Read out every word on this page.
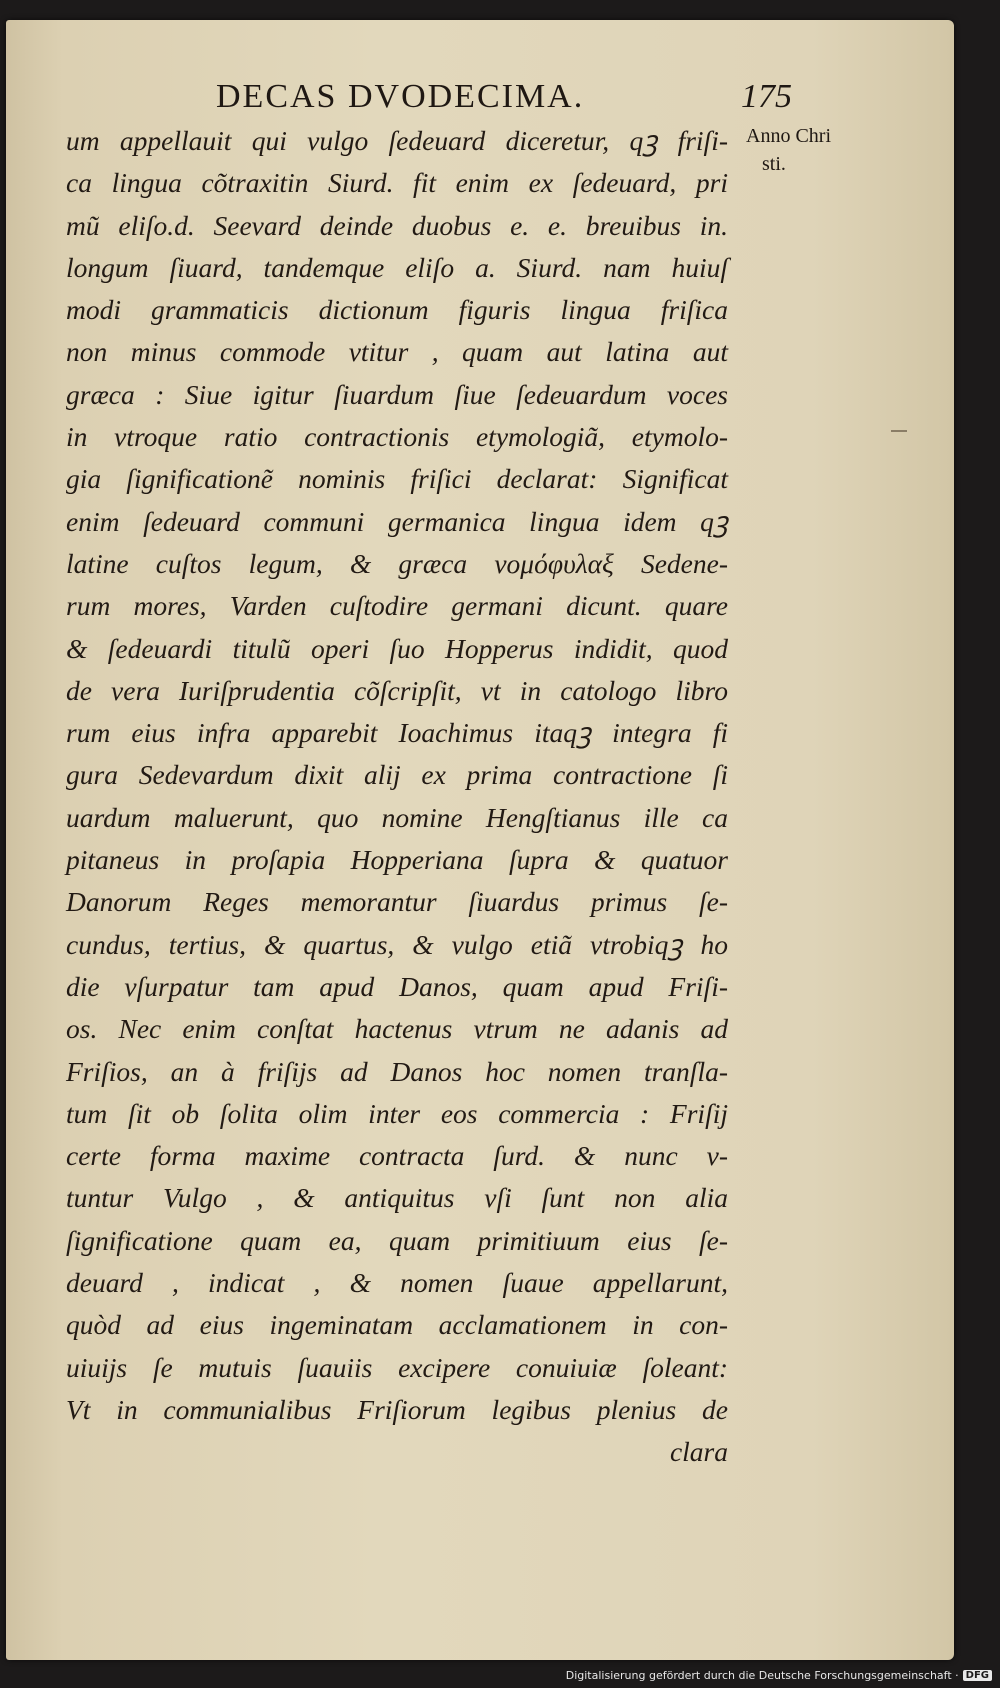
DECAS DVODECIMA.	175
Anno Chri
sti.
um appellauit qui vulgo ſedeuard diceretur, qꝫ friſi-
ca lingua cõtraxitin Siurd. fit enim ex ſedeuard, pri
mũ eliſo.d. Seevard deinde duobus e. e. breuibus in.
longum ſiuard, tandemque eliſo a. Siurd. nam huiuſ
modi grammaticis dictionum figuris lingua friſica
non minus commode vtitur , quam aut latina aut
græca : Siue igitur ſiuardum ſiue ſedeuardum voces
in vtroque ratio contractionis etymologiã, etymolo-
gia ſignificationẽ nominis friſici declarat: Significat
enim ſedeuard communi germanica lingua idem qꝫ
latine cuſtos legum, & græca νομόφυλαξ Sedene-
rum mores, Varden cuſtodire germani dicunt. quare
& ſedeuardi titulũ operi ſuo Hopperus indidit, quod
de vera Iuriſprudentia cõſcripſit, vt in catologo libro
rum eius infra apparebit Ioachimus itaqꝫ integra fi
gura Sedevardum dixit alij ex prima contractione ſi
uardum maluerunt, quo nomine Hengſtianus ille ca
pitaneus in proſapia Hopperiana ſupra & quatuor
Danorum Reges memorantur ſiuardus primus ſe-
cundus, tertius, & quartus, & vulgo etiã vtrobiqꝫ ho
die vſurpatur tam apud Danos, quam apud Friſi-
os. Nec enim conſtat hactenus vtrum ne adanis ad
Friſios, an à friſijs ad Danos hoc nomen tranſla-
tum ſit ob ſolita olim inter eos commercia : Friſij
certe forma maxime contracta ſurd. & nunc v-
tuntur Vulgo , & antiquitus vſi ſunt non alia
ſignificatione quam ea, quam primitiuum eius ſe-
deuard , indicat , & nomen ſuaue appellarunt,
quòd ad eius ingeminatam acclamationem in con-
uiuijs ſe mutuis ſuauiis excipere conuiuiæ ſoleant:
Vt in communialibus Friſiorum legibus plenius de
clara
Digitalisierung gefördert durch die Deutsche Forschungsgemeinschaft · DFG
